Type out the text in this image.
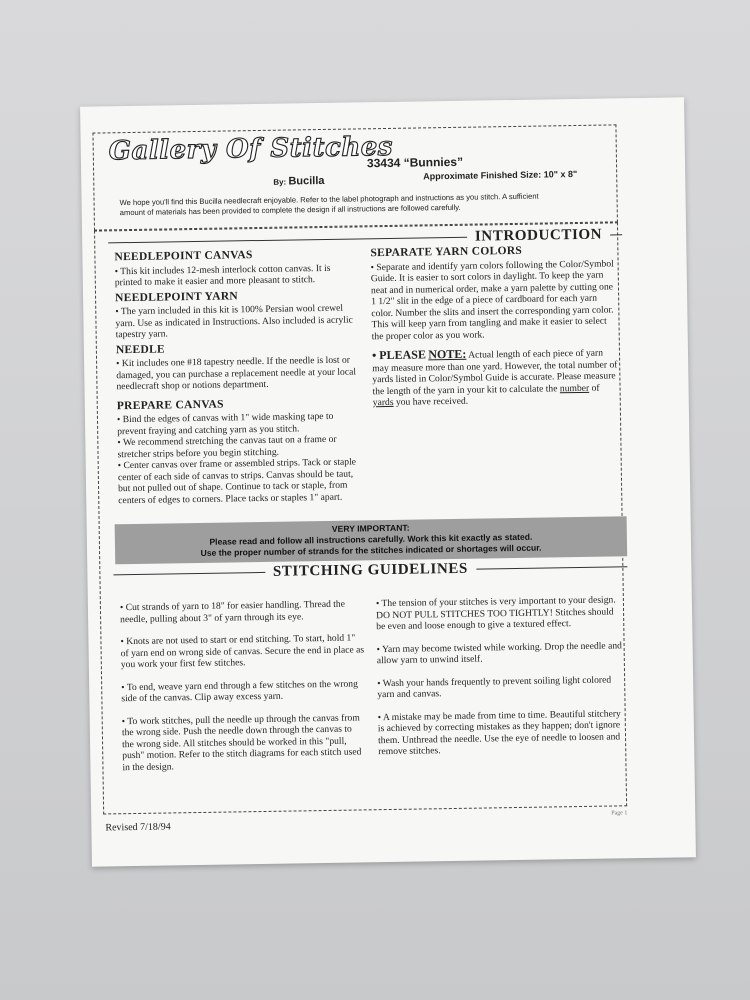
Gallery Of Stitches
By: Bucilla
33434 “Bunnies”
Approximate Finished Size: 10" x 8"
We hope you'll find this Bucilla needlecraft enjoyable. Refer to the label photograph and instructions as you stitch. A sufficient amount of materials has been provided to complete the design if all instructions are followed carefully.
INTRODUCTION
NEEDLEPOINT CANVAS

• This kit includes 12-mesh interlock cotton canvas. It is printed to make it easier and more pleasant to stitch.

NEEDLEPOINT YARN

• The yarn included in this kit is 100% Persian wool crewel yarn. Use as indicated in Instructions. Also included is acrylic tapestry yarn.

NEEDLE

• Kit includes one #18 tapestry needle. If the needle is lost or damaged, you can purchase a replacement needle at your local needlecraft shop or notions department.

PREPARE CANVAS
• Bind the edges of canvas with 1" wide masking tape to prevent fraying and catching yarn as you stitch.
• We recommend stretching the canvas taut on a frame or stretcher strips before you begin stitching.
• Center canvas over frame or assembled strips. Tack or staple center of each side of canvas to strips. Canvas should be taut, but not pulled out of shape. Continue to tack or staple, from centers of edges to corners. Place tacks or staples 1" apart.
SEPARATE YARN COLORS

• Separate and identify yarn colors following the Color/Symbol Guide. It is easier to sort colors in daylight. To keep the yarn neat and in numerical order, make a yarn palette by cutting one 1 1/2" slit in the edge of a piece of cardboard for each yarn color. Number the slits and insert the corresponding yarn color. This will keep yarn from tangling and make it easier to select the proper color as you work.

• PLEASE NOTE: Actual length of each piece of yarn may measure more than one yard. However, the total number of yards listed in Color/Symbol Guide is accurate. Please measure the length of the yarn in your kit to calculate the number of yards you have received.

VERY IMPORTANT:
Please read and follow all instructions carefully. Work this kit exactly as stated.
Use the proper number of strands for the stitches indicated or shortages will occur.
STITCHING GUIDELINES

• Cut strands of yarn to 18" for easier handling. Thread the needle, pulling about 3" of yarn through its eye.

• Knots are not used to start or end stitching. To start, hold 1" of yarn end on wrong side of canvas. Secure the end in place as you work your first few stitches.

• To end, weave yarn end through a few stitches on the wrong side of the canvas. Clip away excess yarn.

• To work stitches, pull the needle up through the canvas from the wrong side. Push the needle down through the canvas to the wrong side. All stitches should be worked in this "pull, push" motion. Refer to the stitch diagrams for each stitch used in the design.

• The tension of your stitches is very important to your design. DO NOT PULL STITCHES TOO TIGHTLY! Stitches should be even and loose enough to give a textured effect.

• Yarn may become twisted while working. Drop the needle and allow yarn to unwind itself.

• Wash your hands frequently to prevent soiling light colored yarn and canvas.

• A mistake may be made from time to time. Beautiful stitchery is achieved by correcting mistakes as they happen; don't ignore them. Unthread the needle. Use the eye of needle to loosen and remove stitches.

Revised 7/18/94
Page 1
